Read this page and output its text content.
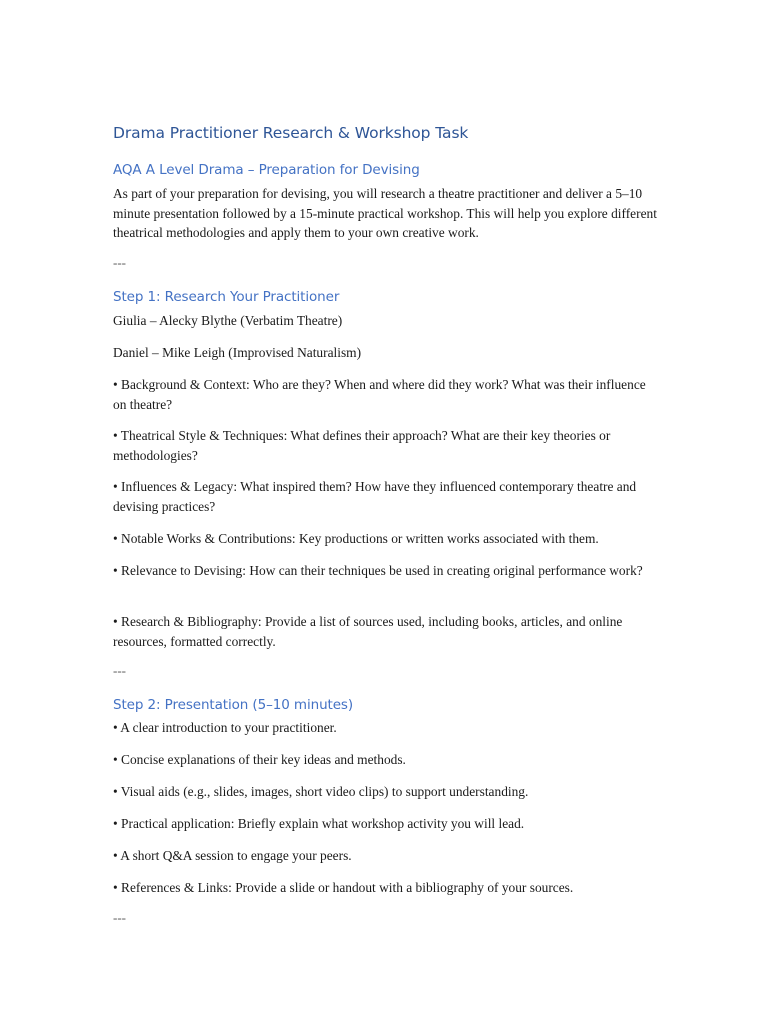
Drama Practitioner Research & Workshop Task
AQA A Level Drama – Preparation for Devising

As part of your preparation for devising, you will research a theatre practitioner and deliver a 5–10 minute presentation followed by a 15-minute practical workshop. This will help you explore different theatrical methodologies and apply them to your own creative work.

---
Step 1: Research Your Practitioner

Giulia – Alecky Blythe (Verbatim Theatre)

Daniel – Mike Leigh (Improvised Naturalism)

• Background & Context: Who are they? When and where did they work? What was their influence on theatre?

• Theatrical Style & Techniques: What defines their approach? What are their key theories or methodologies?

• Influences & Legacy: What inspired them? How have they influenced contemporary theatre and devising practices?

• Notable Works & Contributions: Key productions or written works associated with them.

• Relevance to Devising: How can their techniques be used in creating original performance work?

• Research & Bibliography: Provide a list of sources used, including books, articles, and online resources, formatted correctly.

---
Step 2: Presentation (5–10 minutes)

• A clear introduction to your practitioner.

• Concise explanations of their key ideas and methods.

• Visual aids (e.g., slides, images, short video clips) to support understanding.

• Practical application: Briefly explain what workshop activity you will lead.

• A short Q&A session to engage your peers.

• References & Links: Provide a slide or handout with a bibliography of your sources.

---
